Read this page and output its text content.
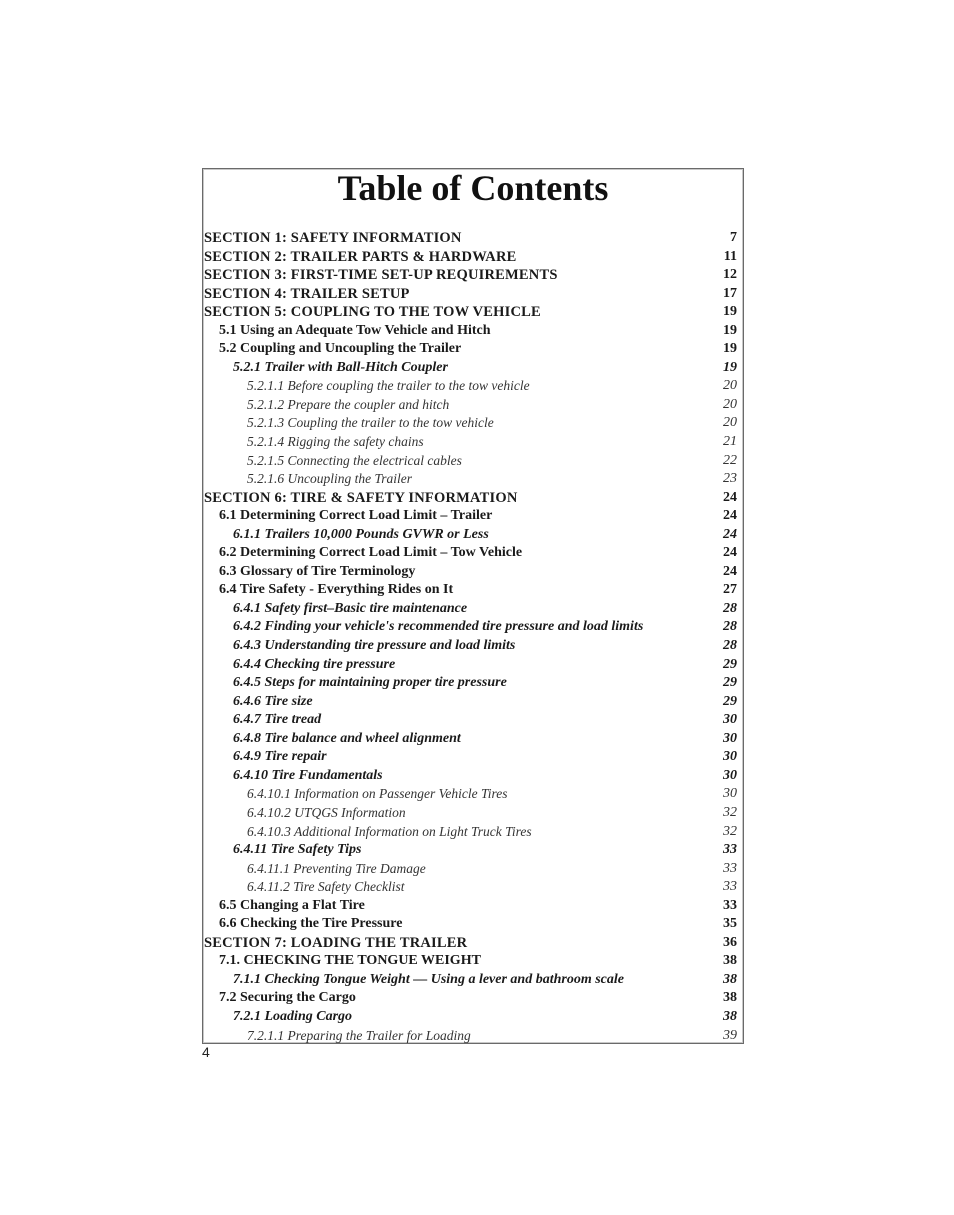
Table of Contents
SECTION 1: SAFETY INFORMATION	7
SECTION 2: TRAILER PARTS & HARDWARE	11
SECTION 3: FIRST-TIME SET-UP REQUIREMENTS	12
SECTION 4: TRAILER SETUP	17
SECTION 5: COUPLING TO THE TOW VEHICLE	19
5.1 Using an Adequate Tow Vehicle and Hitch	19
5.2 Coupling and Uncoupling the Trailer	19
5.2.1 Trailer with Ball-Hitch Coupler	19
5.2.1.1 Before coupling the trailer to the tow vehicle	20
5.2.1.2 Prepare the coupler and hitch	20
5.2.1.3 Coupling the trailer to the tow vehicle	20
5.2.1.4 Rigging the safety chains	21
5.2.1.5 Connecting the electrical cables	22
5.2.1.6 Uncoupling the Trailer	23
SECTION 6: TIRE & SAFETY INFORMATION	24
6.1 Determining Correct Load Limit – Trailer	24
6.1.1 Trailers 10,000 Pounds GVWR or Less	24
6.2 Determining Correct Load Limit – Tow Vehicle	24
6.3 Glossary of Tire Terminology	24
6.4 Tire Safety - Everything Rides on It	27
6.4.1 Safety first–Basic tire maintenance	28
6.4.2 Finding your vehicle's recommended tire pressure and load limits	28
6.4.3 Understanding tire pressure and load limits	28
6.4.4 Checking tire pressure	29
6.4.5 Steps for maintaining proper tire pressure	29
6.4.6 Tire size	29
6.4.7 Tire tread	30
6.4.8 Tire balance and wheel alignment	30
6.4.9 Tire repair	30
6.4.10 Tire Fundamentals	30
6.4.10.1 Information on Passenger Vehicle Tires	30
6.4.10.2 UTQGS Information	32
6.4.10.3 Additional Information on Light Truck Tires	32
6.4.11 Tire Safety Tips	33
6.4.11.1 Preventing Tire Damage	33
6.4.11.2 Tire Safety Checklist	33
6.5 Changing a Flat Tire	33
6.6 Checking the Tire Pressure	35
SECTION 7: LOADING THE TRAILER	36
7.1. CHECKING THE TONGUE WEIGHT	38
7.1.1 Checking Tongue Weight — Using a lever and bathroom scale	38
7.2 Securing the Cargo	38
7.2.1 Loading Cargo	38
7.2.1.1 Preparing the Trailer for Loading	39
4
